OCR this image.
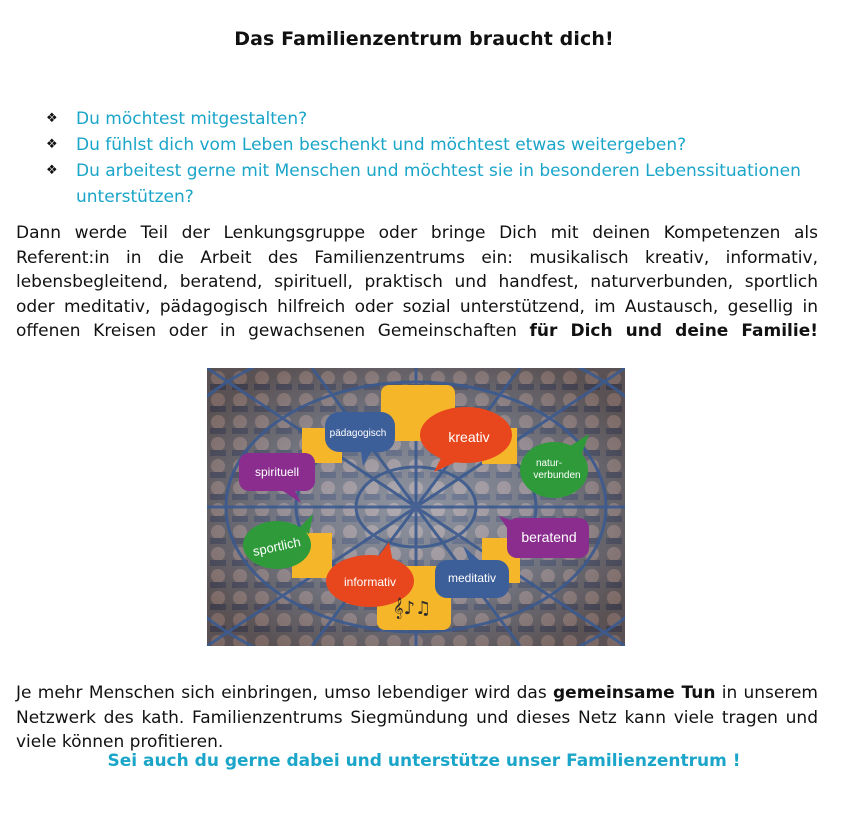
Das Familienzentrum braucht dich!
❖ Du möchtest mitgestalten?
❖ Du fühlst dich vom Leben beschenkt und möchtest etwas weitergeben?
❖ Du arbeitest gerne mit Menschen und möchtest sie in besonderen Lebenssituationen unterstützen?
Dann werde Teil der Lenkungsgruppe oder bringe Dich mit deinen Kompetenzen als Referent:in in die Arbeit des Familienzentrums ein: musikalisch kreativ, informativ, lebensbegleitend, beratend, spirituell, praktisch und handfest, naturverbunden, sportlich oder meditativ, pädagogisch hilfreich oder sozial unterstützend, im Austausch, gesellig in offenen Kreisen oder in gewachsenen Gemeinschaften für Dich und deine Familie!
pädagogisch	kreativ
spirituell
natur-
verbunden
beratend
sportlich
informativ	meditativ
𝄞♪♫
Je mehr Menschen sich einbringen, umso lebendiger wird das gemeinsame Tun in unserem Netzwerk des kath. Familienzentrums Siegmündung und dieses Netz kann viele tragen und viele können profitieren.
Sei auch du gerne dabei und unterstütze unser Familienzentrum !
